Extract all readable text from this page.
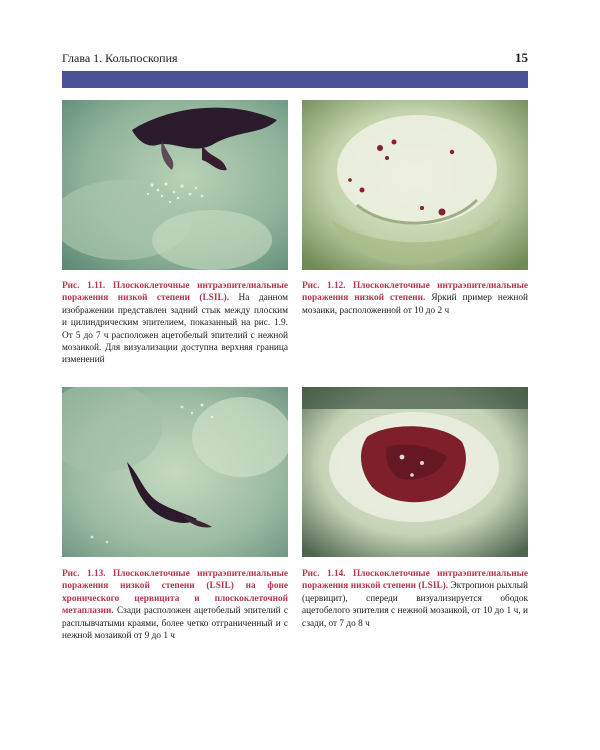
Глава 1. Кольпоскопия	15
Рис. 1.11. Плоскоклеточные интраэпителиальные поражения низкой степени (LSIL). На данном изображении представлен задний стык между плоским и цилиндрическим эпителием, показанный на рис. 1.9. От 5 до 7 ч расположен ацетобелый эпителий с нежной мозаикой. Для визуализации доступна верхняя граница изменений
Рис. 1.12. Плоскоклеточные интраэпителиальные поражения низкой степени. Яркий пример нежной мозаики, расположенной от 10 до 2 ч
Рис. 1.13. Плоскоклеточные интраэпителиальные поражения низкой степени (LSIL) на фоне хронического цервицита и плоскоклеточной метаплазии. Сзади расположен ацетобелый эпителий с расплывчатыми краями, более четко отграниченный и с нежной мозаикой от 9 до 1 ч
Рис. 1.14. Плоскоклеточные интраэпителиальные поражения низкой степени (LSIL). Эктропион рыхлый (цервицит), спереди визуализируется ободок ацетобелого эпителия с нежной мозаикой, от 10 до 1 ч, и сзади, от 7 до 8 ч
